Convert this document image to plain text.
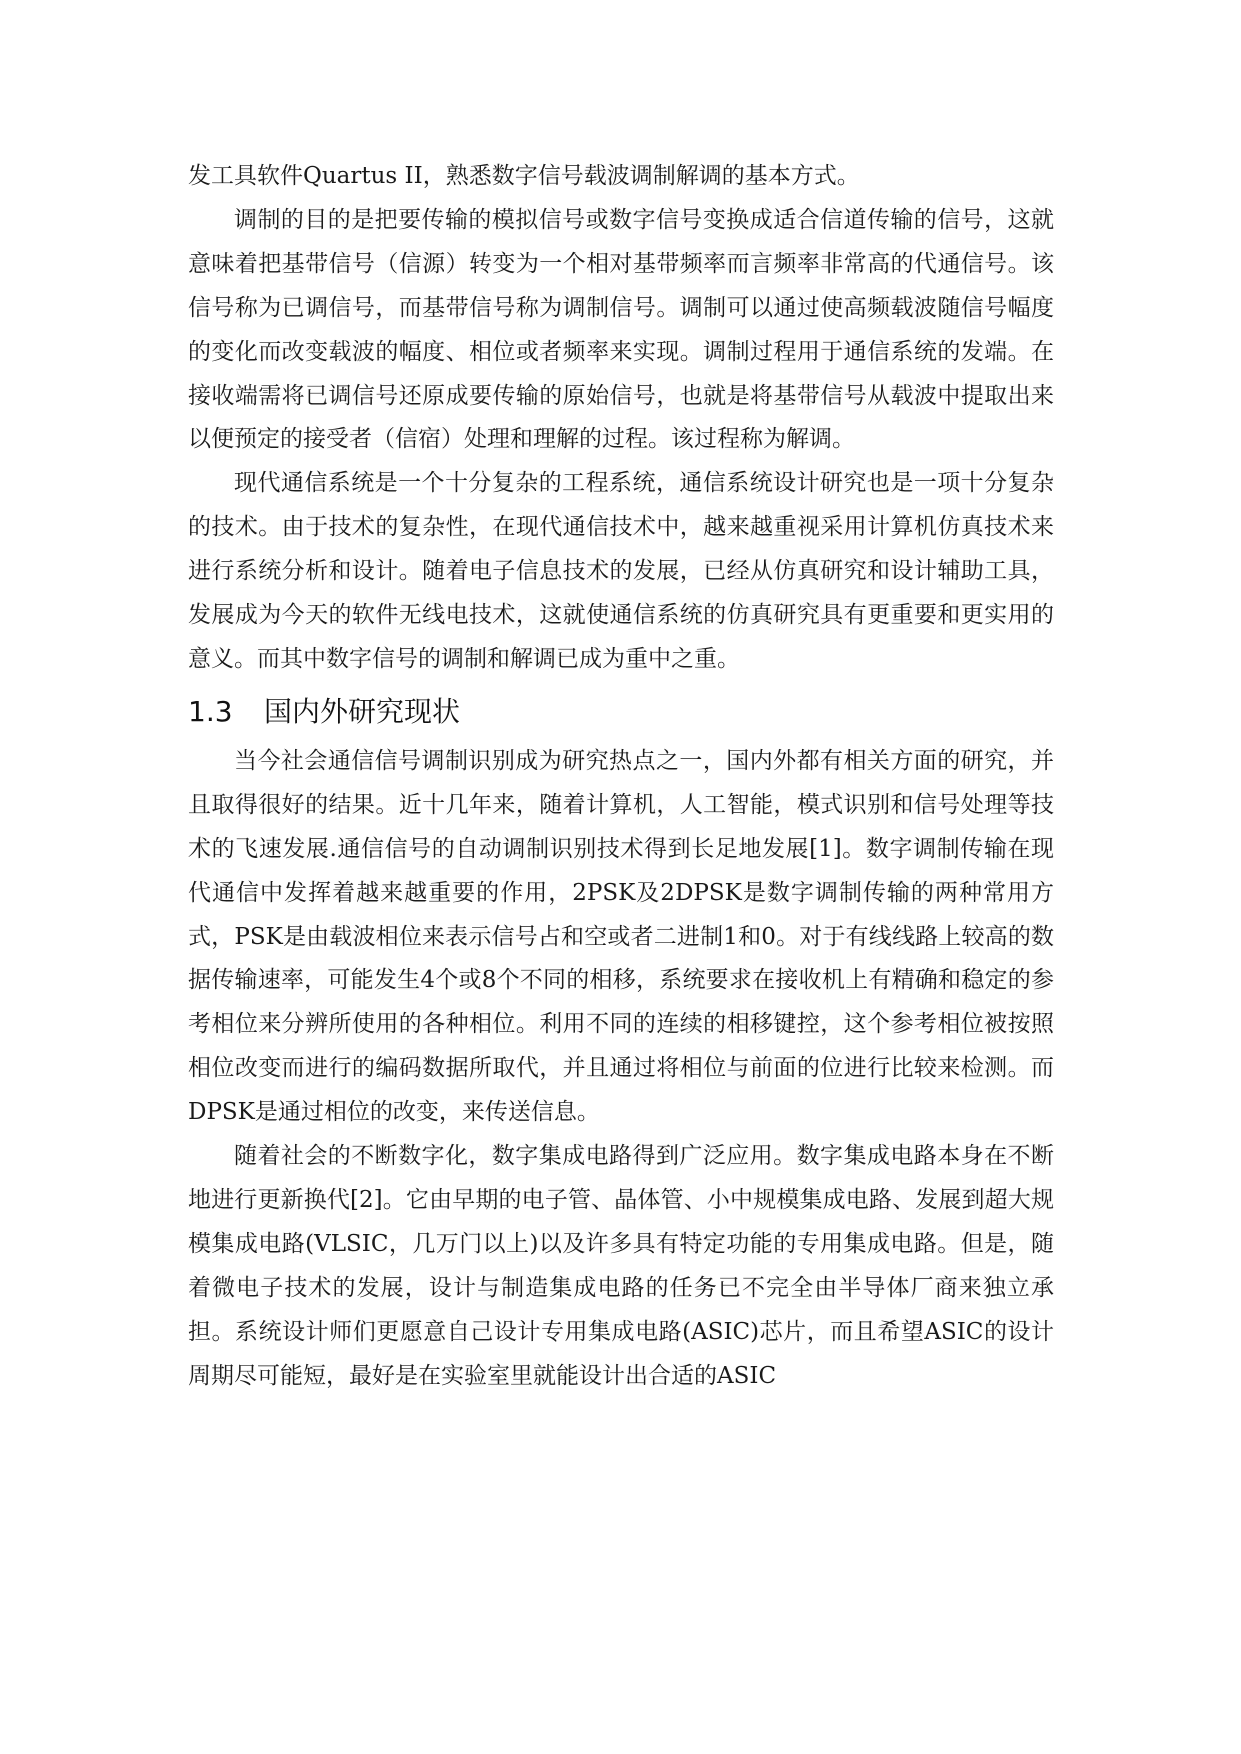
发工具软件Quartus II，熟悉数字信号载波调制解调的基本方式。

调制的目的是把要传输的模拟信号或数字信号变换成适合信道传输的信号，这就意味着把基带信号（信源）转变为一个相对基带频率而言频率非常高的代通信号。该信号称为已调信号，而基带信号称为调制信号。调制可以通过使高频载波随信号幅度的变化而改变载波的幅度、相位或者频率来实现。调制过程用于通信系统的发端。在接收端需将已调信号还原成要传输的原始信号，也就是将基带信号从载波中提取出来以便预定的接受者（信宿）处理和理解的过程。该过程称为解调。

现代通信系统是一个十分复杂的工程系统，通信系统设计研究也是一项十分复杂的技术。由于技术的复杂性，在现代通信技术中，越来越重视采用计算机仿真技术来进行系统分析和设计。随着电子信息技术的发展，已经从仿真研究和设计辅助工具，发展成为今天的软件无线电技术，这就使通信系统的仿真研究具有更重要和更实用的意义。而其中数字信号的调制和解调已成为重中之重。

1.3 国内外研究现状

当今社会通信信号调制识别成为研究热点之一，国内外都有相关方面的研究，并且取得很好的结果。近十几年来，随着计算机，人工智能，模式识别和信号处理等技术的飞速发展.通信信号的自动调制识别技术得到长足地发展[1]。数字调制传输在现代通信中发挥着越来越重要的作用，2PSK及2DPSK是数字调制传输的两种常用方式，PSK是由载波相位来表示信号占和空或者二进制1和0。对于有线线路上较高的数据传输速率，可能发生4个或8个不同的相移，系统要求在接收机上有精确和稳定的参考相位来分辨所使用的各种相位。利用不同的连续的相移键控，这个参考相位被按照相位改变而进行的编码数据所取代，并且通过将相位与前面的位进行比较来检测。而DPSK是通过相位的改变，来传送信息。

随着社会的不断数字化，数字集成电路得到广泛应用。数字集成电路本身在不断地进行更新换代[2]。它由早期的电子管、晶体管、小中规模集成电路、发展到超大规模集成电路(VLSIC，几万门以上)以及许多具有特定功能的专用集成电路。但是，随着微电子技术的发展，设计与制造集成电路的任务已不完全由半导体厂商来独立承担。系统设计师们更愿意自己设计专用集成电路(ASIC)芯片，而且希望ASIC的设计周期尽可能短，最好是在实验室里就能设计出合适的ASIC
